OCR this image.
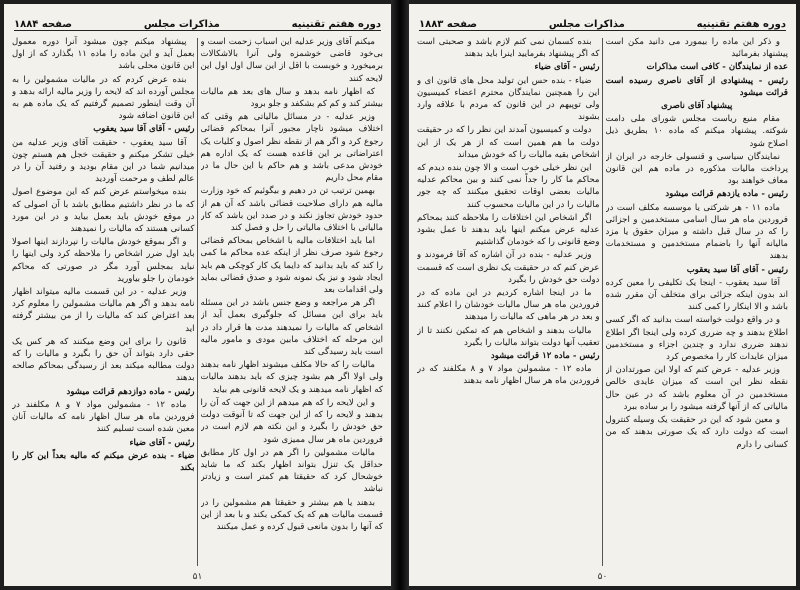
دوره هفتم تقنينيه
مذاکرات مجلس
صفحه ۱۸۸۴

میکنم آقای وزیر عدلیه این اسباب زحمت است و بی‌خود قاضی خوشمزه ولی آنرا بالاشکالات برمیخورد و خوبست با اقل از این سال اول اول این لایحه کنند

که اظهار نامه بدهد و سال های بعد هم مالیات بیشتر کند و کم کم بشکفد و جلو برود

وزیر عدلیه - در مسائل مالیاتی هم وقتی که اختلاف میشود ناچار مجبور آنرا بمحاکم قضائی رجوع کرد و اگر هم از نقطه نظر اصول و کلیات یک اعتراضاتی بر این قاعده هست که یک اداره هم خودش مدعی باشد و هم حاکم با این حال ما در مقام محل داریم

بهمین ترتیب تن در دهیم و بیگوئیم که خود وزارت مالیه هم دارای صلاحیت قضائی باشد که آن هم از حدود خودش تجاوز نکند و در صدد این باشد که کار مالیاتی با اختلاف مالیاتی را حل و فصل کند

اما باید اختلافات مالیه با اشخاص بمحاکم قضائی رجوع شود صرف نظر از اینکه عده محاکم ما کمی را کند که باید بدانید که دایما یک کار کوچکی هم باید ایجاد شود و نیز یک نمونه شود و صدق قضائی بماید ولی اقدامات بعد

اگر هر مراجعه و وضع جنس باشد در این مسئله باید برای این مسائل که جلوگیری بعمل آید از اشخاص که مالیات را نمیدهند مدت ها قرار داد در این مرحله که اختلاف مابین مودی و مامور مالیه است باید رسیدگی کند

مالیات را که حالا مکلف میشوند اظهار نامه بدهند ولی اولا اگر هم بشود چیزی که باید بدهند مالیات که اظهار نامه میدهند و یک لایحه قانونی هم بیاید

و این لایحه را که هم میدهم از این جهت که آن را بدهند و لایحه را که از این جهت که تا آنوقت دولت حق خودش را بگیرد و این نکته هم لازم است در فروردین ماه هر سال ممیزی شود

مالیات مشمولین را اگر هم در اول کار مطابق حداقل یک تنزل بتواند اظهار بکند که ما شاید خوشحال کرد که حقیقتا هم کمتر است و زیادتر نباشد

بدهند یا هم بیشتر و حقیقتا هم مشمولین را در قسمت مالیات هم که یک کمکی بکند و با بعد از این که آنها را بدون مانعی قبول کرده و عمل میکنند

پیشنهاد میکنم چون میشود آنرا دوره معمول بعمل آید و این ماده را ماده ۱۱ بگذارد که از اول این قانون محلی باشد

بنده عرض کردم که در مالیات مشمولین را به مجلس آورده اند که لایحه را وزیر مالیه ارائه بدهد و آن وقت اینطور تصمیم گرفتیم که یک ماده هم به این قانون اضافه شود

رئیس - آقای آقا سید یعقوب

آقا سید یعقوب - حقیقت آقای وزیر عدلیه من خیلی تشکر میکنم و حقیقت خجل هم هستم چون میدانیم شما در این مقام بودید و رفتید آن را در عالم لطف و مرحمت آوردید

بنده میخواستم عرض کنم که این موضوع اصول که ما در نظر داشتیم مطابق باشد با آن اصولی که در موقع خودش باید بعمل بیاید و در این مورد کسانی هستند که مالیات را نمیدهند

و اگر بموقع خودش مالیات را نپردازند اینها اصولا باید اول ضرر اشخاص را ملاحظه کرد ولی اینها را نباید بمجلس آورد مگر در صورتی که محاکم خودمان را جلو بیاورید

وزیر عدلیه - در این قسمت مالیه میتواند اظهار نامه بدهد و اگر هم مالیات مشمولین را معلوم کرد بعد اعتراض کند که مالیات را از من بیشتر گرفته اید

قانون را برای این وضع میکنند که هر کس یک حقی دارد بتواند آن حق را بگیرد و مالیات را که دولت مطالبه میکند بعد از رسیدگی بمحاکم صالحه بدهند

رئیس - ماده دوازدهم قرائت میشود

ماده ۱۲ - مشمولین مواد ۷ و ۸ مکلفند در فروردین ماه هر سال اظهار نامه که مالیات آنان معین شده است تسلیم کنند

رئیس - آقای ضیاء

ضیاء - بنده عرض میکنم که مالیه بعداً این کار را بکند

۵۱
دوره هفتم تقنينيه
مذاکرات مجلس
صفحه ۱۸۸۳

و ذکر این ماده را بیمورد می دانید مکن است پیشنهاد بفرمائید

عده از نمایندگان - کافی است مذاکرات

رئیس - پیشنهادی از آقای ناصری رسیده است قرائت میشود

پیشنهاد آقای ناصری

مقام منیع ریاست مجلس شورای ملی دامت شوکته. پیشنهاد میکنم که ماده ۱۰ بطریق ذیل اصلاح شود

نمایندگان سیاسی و قنسولی خارجه در ایران از پرداخت مالیات مذکوره در ماده هم این قانون معاف خواهند بود

رئیس - ماده یازدهم قرائت میشود

ماده ۱۱ - هر شرکتی یا موسسه مکلف است در فروردین ماه هر سال اسامی مستخدمین و اجزائی را که در سال قبل داشته و میزان حقوق یا مزد مالیانه آنها را باضمام مستخدمین و مستخدمات بدهند

رئیس - آقای آقا سید یعقوب

آقا سید یعقوب - اینجا یک تکلیفی را معین کرده اند بدون اینکه جزائی برای متخلف آن مقرر شده باشد و الا اینکار را کمی کنند

و در واقع دولت خواسته است بدانید که اگر کسی اطلاع بدهند و چه ضرری کرده ولی اینجا اگر اطلاع ندهند ضرری ندارد و چندین اجزاء و مستخدمین میزان عایدات کار را مخصوص کرد

وزیر عدلیه - عرض کنم که اولا این صورتدادن از نقطه نظر این است که میزان عایدی خالص مستخدمین در آن معلوم باشد که در عین حال مالیاتی که از آنها گرفته میشود را بر ساده ببرد

و معین شود که این در حقیقت یک وسیله کنترول است که دولت دارد که یک صورتی بدهند که من کسانی را دارم

بنده کسمان نمی کنم لازم باشد و صحبتی است که اگر پیشنهاد بفرمایید اینرا باید بدهند

رئیس - آقای ضیاء

ضیاء - بنده حس این تولید محل های قانون ای و این را همچنین نمایندگان محترم اعضاء کمیسیون ولی توپیهم در این قانون که مردم با علاقه وارد بشوند

دولت و کمیسیون آمدند این نظر را که در حقیقت دولت ما هم همین است که از هر یک از این اشخاص بقیه مالیات را که خودش میداند

این نظر خیلی خوب است و الا چون بنده دیدم که محاکم ما کار را جداً نمی کنند و بین محاکم عدلیه مالیات بعضی اوقات تحقیق میکنند که چه جور مالیات را در این مالیات محسوب کنند

اگر اشخاص این اختلافات را ملاحظه کنند بمحاکم عدلیه عرض میکنم اینها باید بدهند تا عمل بشود وضع قانونی را که خودمان گذاشتیم

وزیر عدلیه - بنده در آن اشاره که آقا فرمودند و عرض کنم که در حقیقت یک نظری است که قسمت دولت حق خودش را بگیرد

ما در اینجا اشاره کردیم در این ماده که در فروردین ماه هر سال مالیات خودشان را اعلام کنند و بعد در هر ماهی که مالیات را میدهند

مالیات بدهند و اشخاص هم که تمکین نکنند تا از تعقیب آنها دولت بتواند مالیات را بگیرد

رئیس - ماده ۱۲ قرائت میشود

ماده ۱۲ - مشمولین مواد ۷ و ۸ مکلفند که در فروردین ماه هر سال اظهار نامه بدهند

۵۰
